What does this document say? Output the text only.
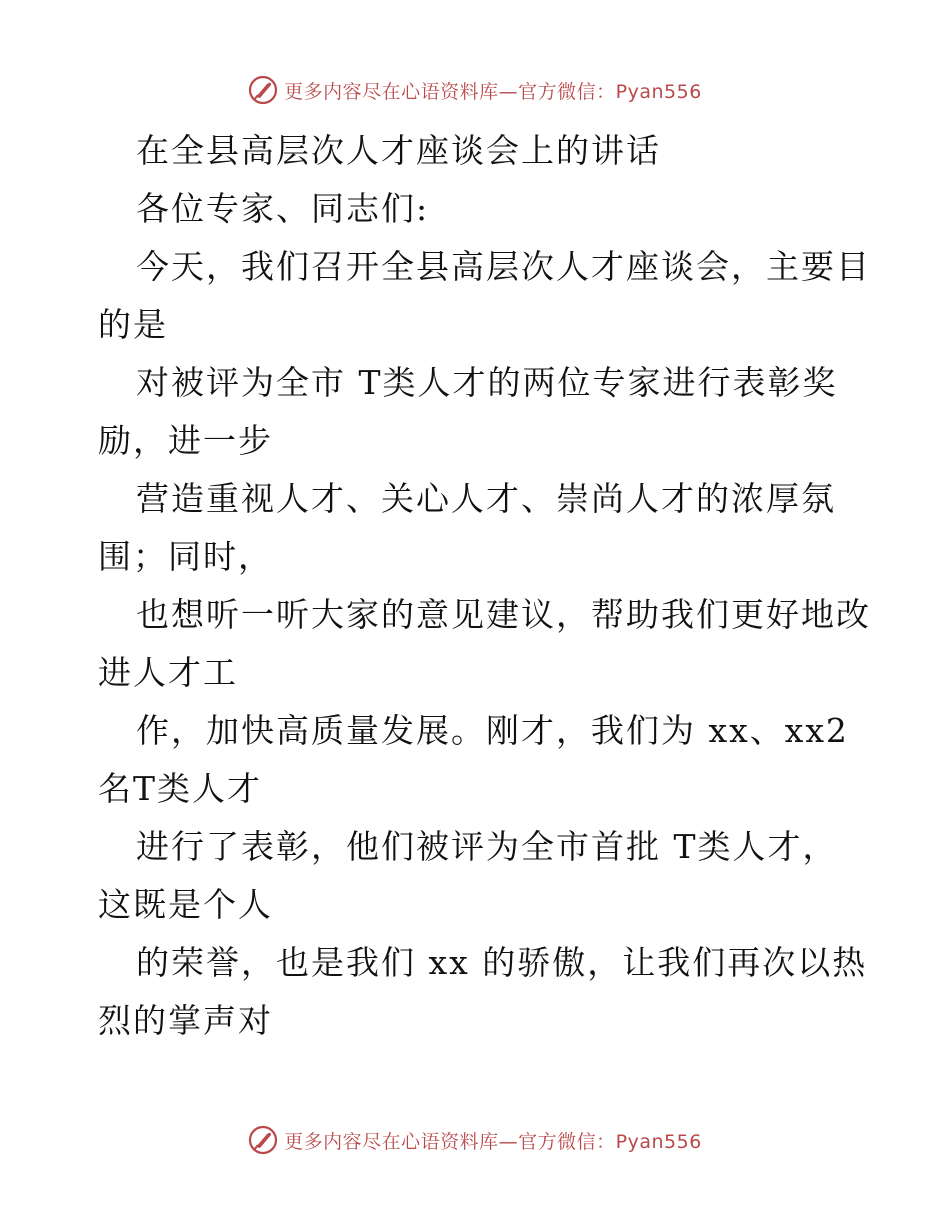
更多内容尽在心语资料库—官方微信：Pyan556

在全县高层次人才座谈会上的讲话

各位专家、同志们:

今天，我们召开全县高层次人才座谈会，主要目

的是

对被评为全市 T类人才的两位专家进行表彰奖

励，进一步

营造重视人才、关心人才、崇尚人才的浓厚氛

围；同时，

也想听一听大家的意见建议，帮助我们更好地改

进人才工

作，加快高质量发展。刚才，我们为 xx、xx2

名T类人才

进行了表彰，他们被评为全市首批 T类人才，

这既是个人

的荣誉，也是我们 xx 的骄傲，让我们再次以热

烈的掌声对

更多内容尽在心语资料库—官方微信：Pyan556
